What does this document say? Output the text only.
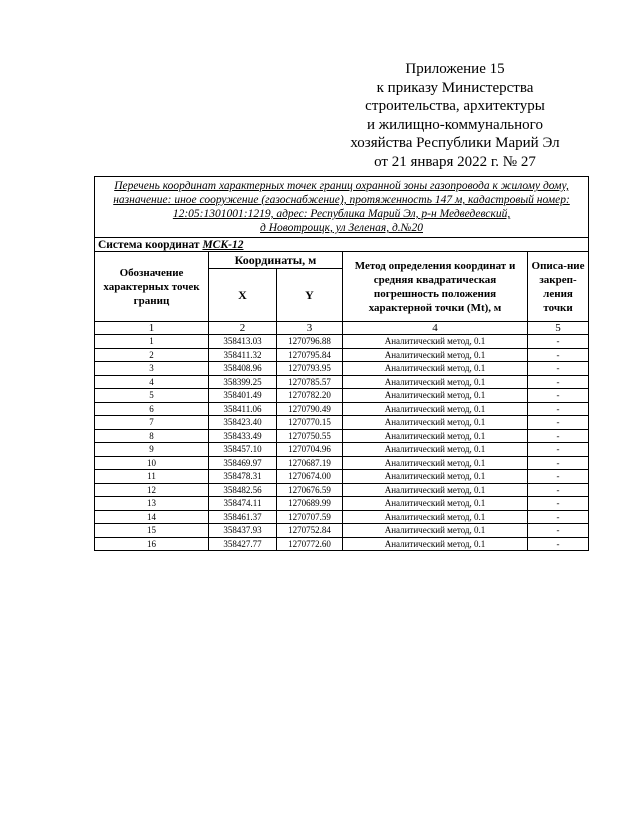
Приложение 15
к приказу Министерства
строительства, архитектуры
и жилищно-коммунального
хозяйства Республики Марий Эл
от 21 января 2022 г. № 27
Перечень координат характерных точек границ охранной зоны газопровода к жилому дому,
назначение: иное сооружение (газоснабжение), протяженность 147 м, кадастровый номер:
12:05:1301001:1219, адрес: Республика Марий Эл, р-н Медведевский,
д Новотроицк, ул Зеленая, д.№20				

Система координат МСК-12				
Обозначение характерных точек границ	Координаты, м		Метод определения координат и средняя квадратическая погрешность положения характерной точки (Mt), м	Описа-ние закреп-ления точки
	X	Y		
1	2	3	4	5
1	358413.03	1270796.88	Аналитический метод, 0.1	-
2	358411.32	1270795.84	Аналитический метод, 0.1	-
3	358408.96	1270793.95	Аналитический метод, 0.1	-
4	358399.25	1270785.57	Аналитический метод, 0.1	-
5	358401.49	1270782.20	Аналитический метод, 0.1	-
6	358411.06	1270790.49	Аналитический метод, 0.1	-
7	358423.40	1270770.15	Аналитический метод, 0.1	-
8	358433.49	1270750.55	Аналитический метод, 0.1	-
9	358457.10	1270704.96	Аналитический метод, 0.1	-
10	358469.97	1270687.19	Аналитический метод, 0.1	-
11	358478.31	1270674.00	Аналитический метод, 0.1	-
12	358482.56	1270676.59	Аналитический метод, 0.1	-
13	358474.11	1270689.99	Аналитический метод, 0.1	-
14	358461.37	1270707.59	Аналитический метод, 0.1	-
15	358437.93	1270752.84	Аналитический метод, 0.1	-
16	358427.77	1270772.60	Аналитический метод, 0.1	-
